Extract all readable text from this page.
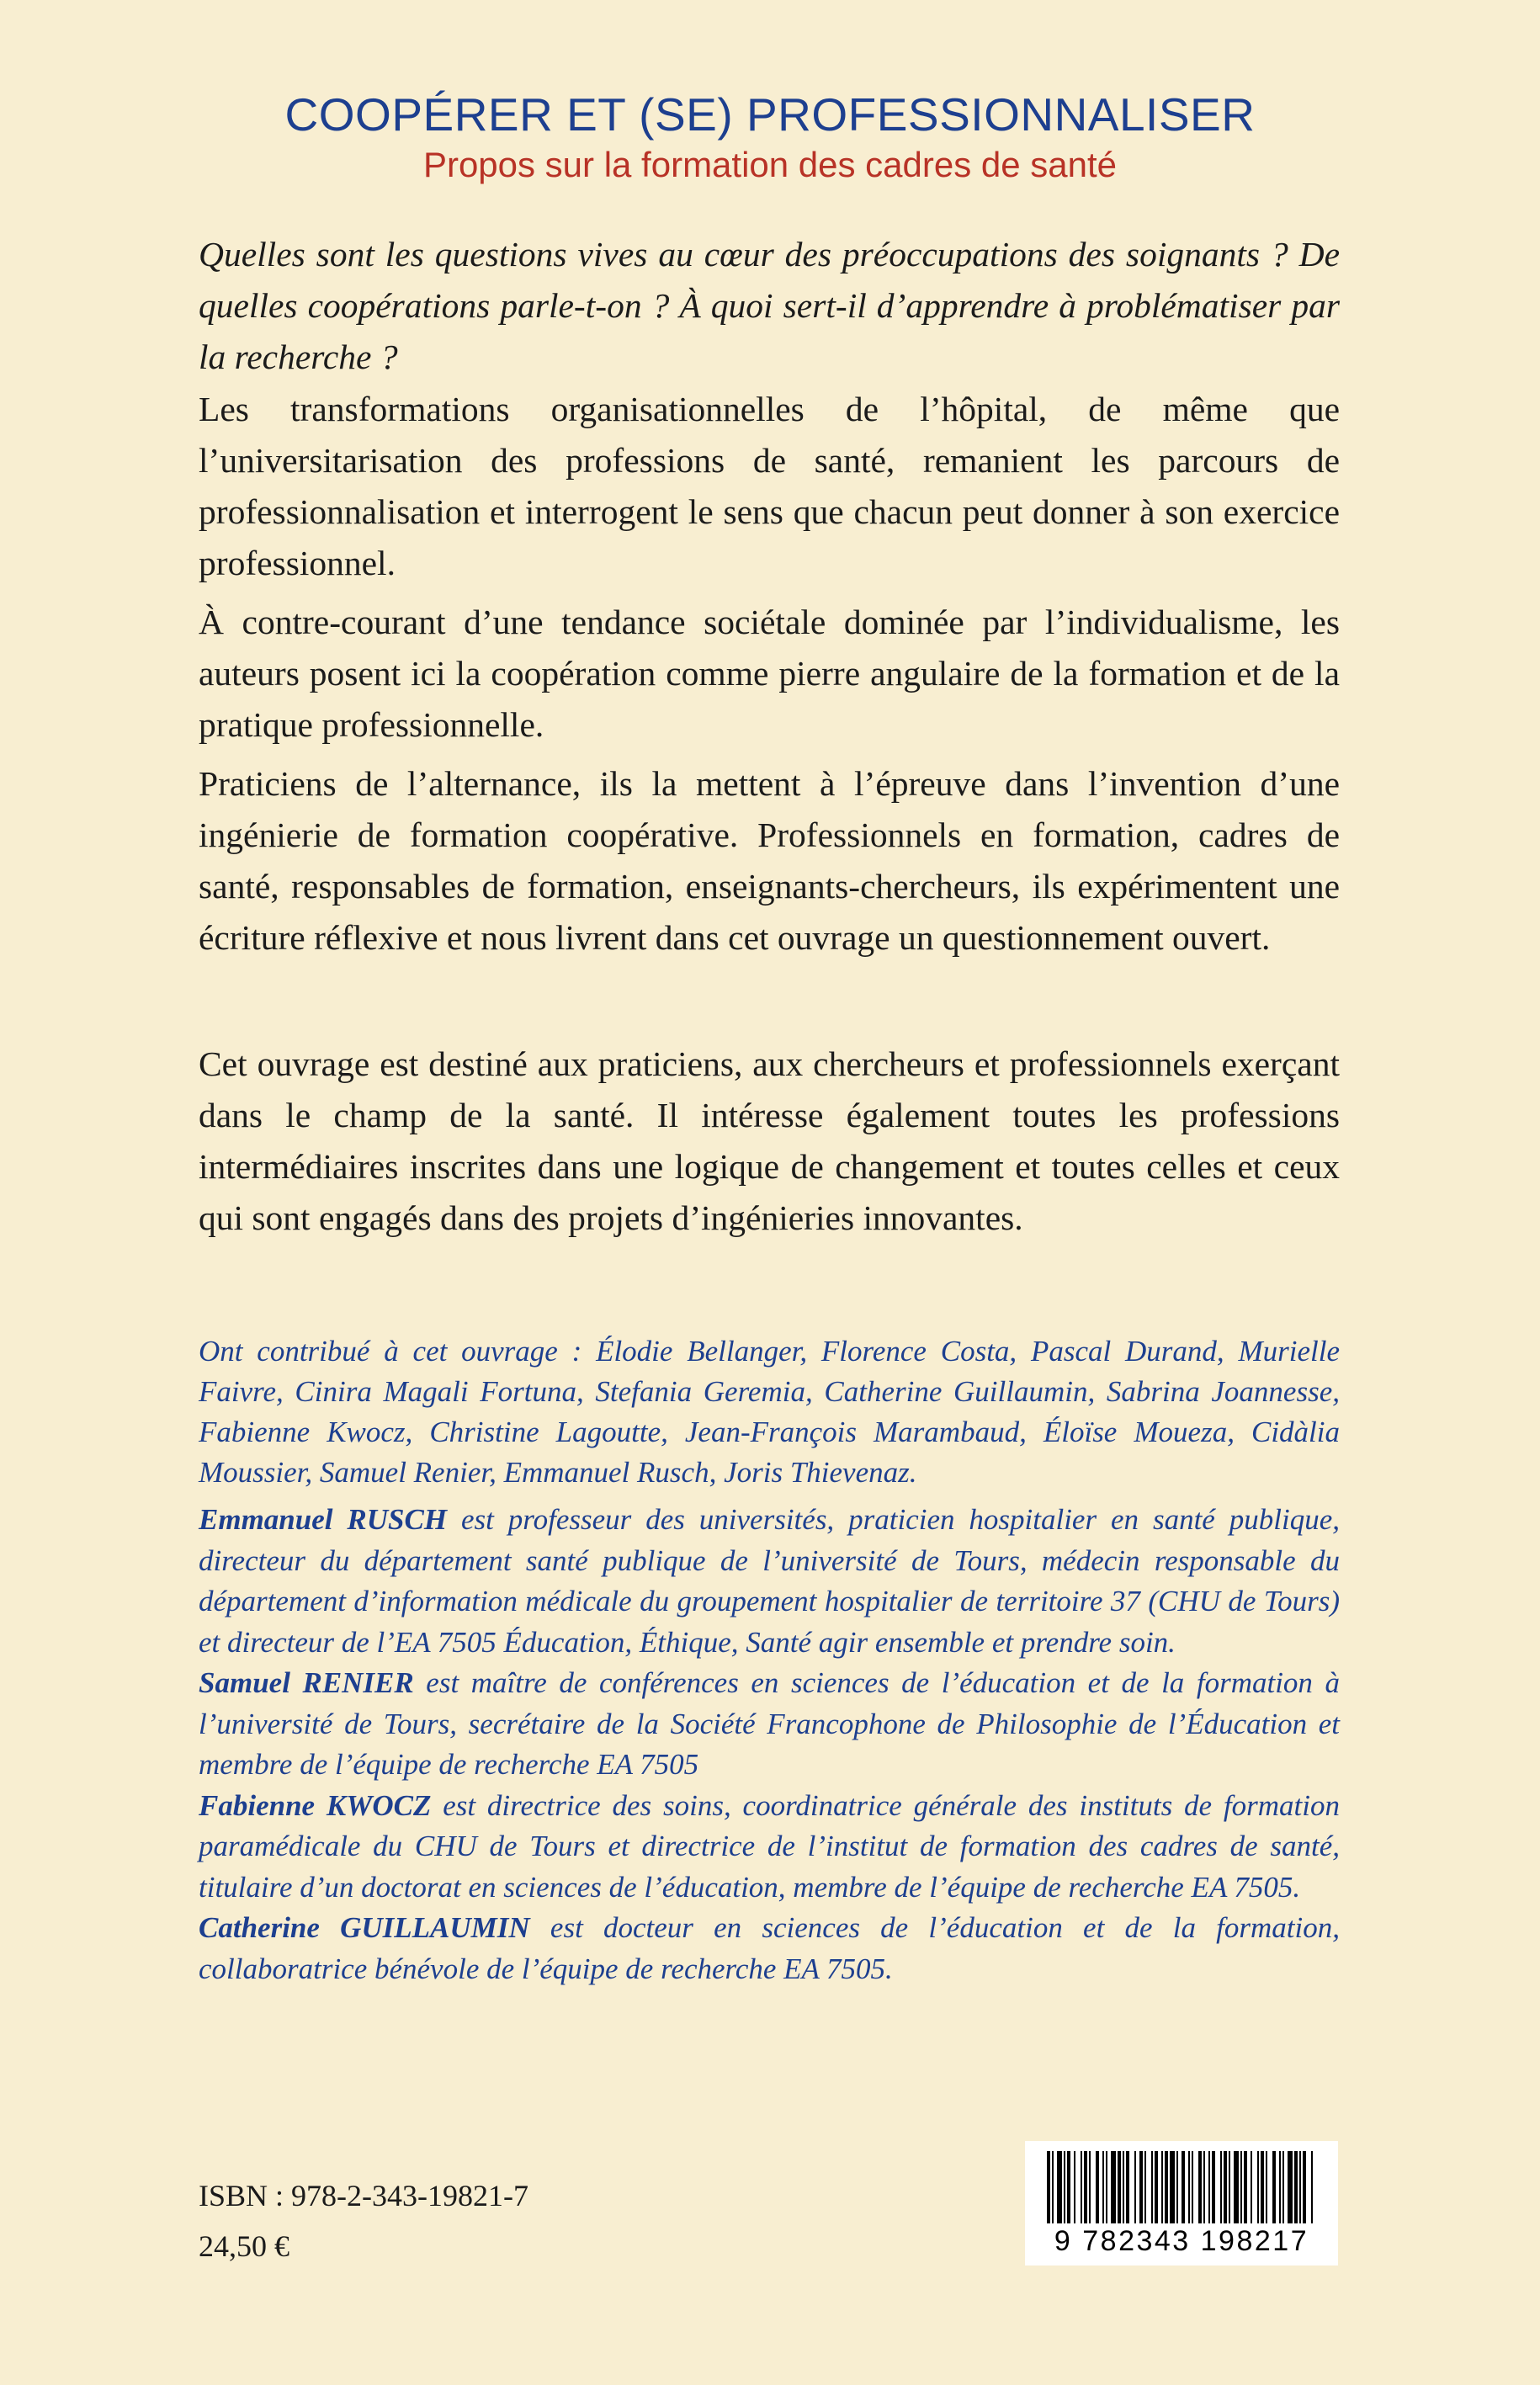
COOPÉRER ET (SE) PROFESSIONNALISER
Propos sur la formation des cadres de santé

Quelles sont les questions vives au cœur des préoccupations des soignants ? De quelles coopérations parle-t-on ? À quoi sert-il d’apprendre à problématiser par la recherche ?

Les transformations organisationnelles de l’hôpital, de même que l’universitarisation des professions de santé, remanient les parcours de professionnalisation et interrogent le sens que chacun peut donner à son exercice professionnel.

À contre-courant d’une tendance sociétale dominée par l’individualisme, les auteurs posent ici la coopération comme pierre angulaire de la formation et de la pratique professionnelle.

Praticiens de l’alternance, ils la mettent à l’épreuve dans l’invention d’une ingénierie de formation coopérative. Professionnels en formation, cadres de santé, responsables de formation, enseignants-chercheurs, ils expérimentent une écriture réflexive et nous livrent dans cet ouvrage un questionnement ouvert.

Cet ouvrage est destiné aux praticiens, aux chercheurs et professionnels exerçant dans le champ de la santé. Il intéresse également toutes les professions intermédiaires inscrites dans une logique de changement et toutes celles et ceux qui sont engagés dans des projets d’ingénieries innovantes.

Ont contribué à cet ouvrage : Élodie Bellanger, Florence Costa, Pascal Durand, Murielle Faivre, Cinira Magali Fortuna, Stefania Geremia, Catherine Guillaumin, Sabrina Joannesse, Fabienne Kwocz, Christine Lagoutte, Jean-François Marambaud, Éloïse Moueza, Cidàlia Moussier, Samuel Renier, Emmanuel Rusch, Joris Thievenaz.

Emmanuel RUSCH est professeur des universités, praticien hospitalier en santé publique, directeur du département santé publique de l’université de Tours, médecin responsable du département d’information médicale du groupement hospitalier de territoire 37 (CHU de Tours) et directeur de l’EA 7505 Éducation, Éthique, Santé agir ensemble et prendre soin.

Samuel RENIER est maître de conférences en sciences de l’éducation et de la formation à l’université de Tours, secrétaire de la Société Francophone de Philosophie de l’Éducation et membre de l’équipe de recherche EA 7505

Fabienne KWOCZ est directrice des soins, coordinatrice générale des instituts de formation paramédicale du CHU de Tours et directrice de l’institut de formation des cadres de santé, titulaire d’un doctorat en sciences de l’éducation, membre de l’équipe de recherche EA 7505.

Catherine GUILLAUMIN est docteur en sciences de l’éducation et de la formation, collaboratrice bénévole de l’équipe de recherche EA 7505.

ISBN : 978-2-343-19821-7

24,50 €	9 782343 198217
